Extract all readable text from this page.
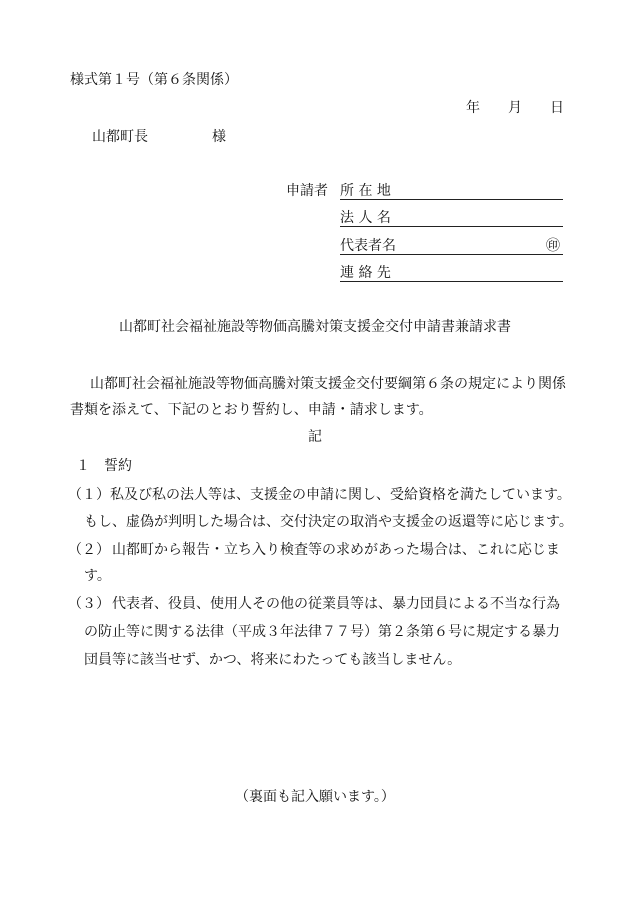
様式第１号（第６条関係）
年 月 日
山都町長	様
申請者 所 在 地
法 人 名
代表者名	㊞
連 絡 先
山都町社会福祉施設等物価高騰対策支援金交付申請書兼請求書
山都町社会福祉施設等物価高騰対策支援金交付要綱第６条の規定により関係
書類を添えて、下記のとおり誓約し、申請・請求します。
記
１　誓約
（１） 私及び私の法人等は、支援金の申請に関し、受給資格を満たしています。
もし、虚偽が判明した場合は、交付決定の取消や支援金の返還等に応じます。
（２） 山都町から報告・立ち入り検査等の求めがあった場合は、これに応じま
す。
（３） 代表者、役員、使用人その他の従業員等は、暴力団員による不当な行為
の防止等に関する法律（平成３年法律７７号）第２条第６号に規定する暴力
団員等に該当せず、かつ、将来にわたっても該当しません。
（裏面も記入願います。）
